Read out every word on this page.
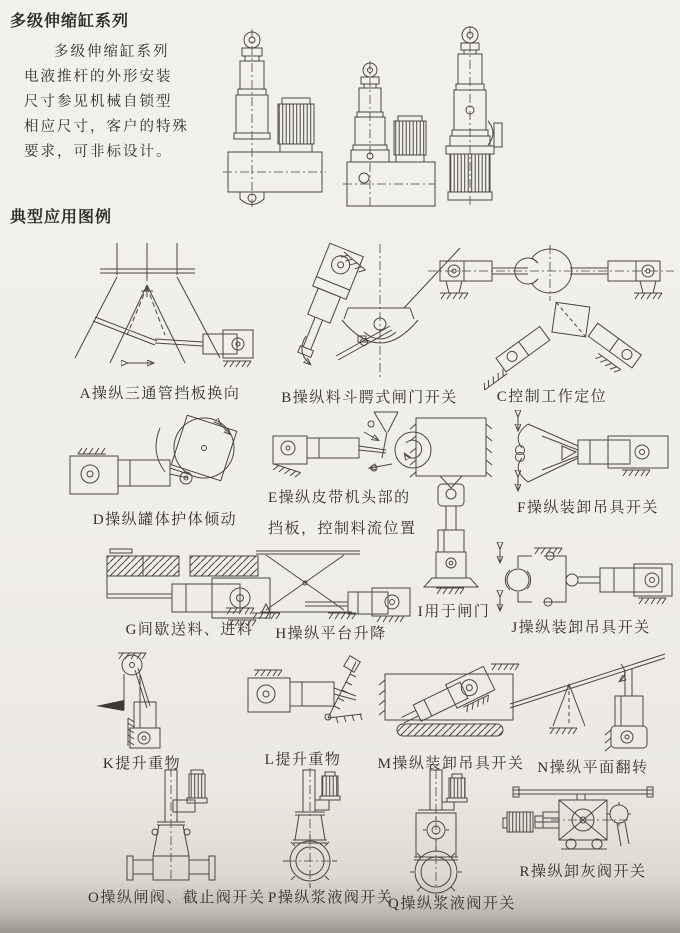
多级伸缩缸系列
多级伸缩缸系列
电液推杆的外形安装
尺寸参见机械自锁型
相应尺寸，客户的特殊
要求，可非标设计。
典型应用图例
A操纵三通管挡板换向	B操纵料斗腭式闸门开关	C控制工作定位
D操纵罐体护体倾动
E操纵皮带机头部的
挡板，控制料流位置
F操纵装卸吊具开关
I用于闸门
G间歇送料、进料	H操纵平台升降	J操纵装卸吊具开关
K提升重物	L提升重物	M操纵装卸吊具开关 N操纵平面翻转
O操纵闸阀、截止阀开关 P操纵浆液阀开关
Q操纵浆液阀开关
R操纵卸灰阀开关
